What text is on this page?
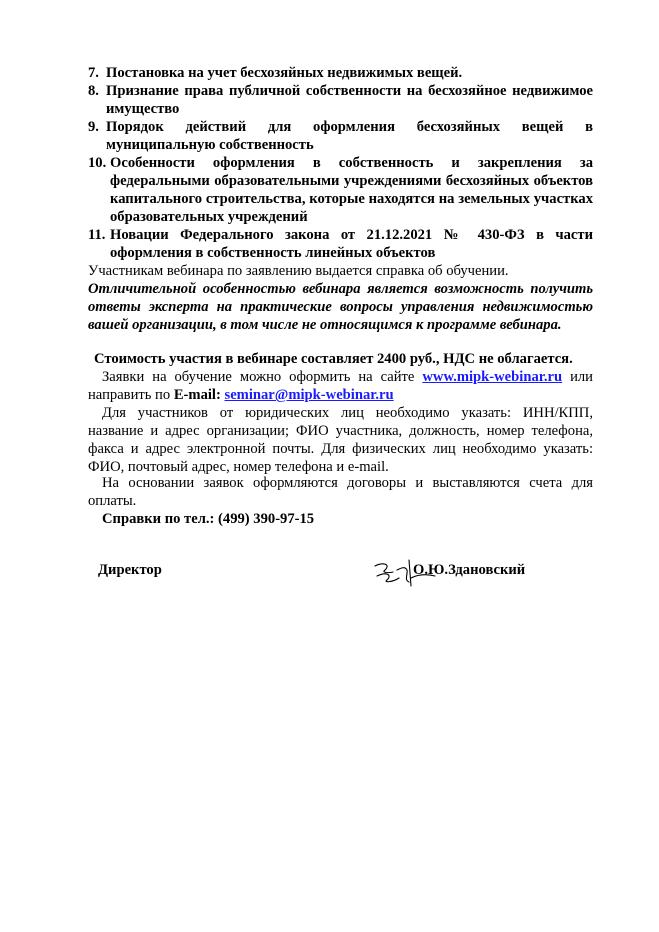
7. Постановка на учет бесхозяйных недвижимых вещей.
8. Признание права публичной собственности на бесхозяйное недвижимое имущество
9. Порядок действий для оформления бесхозяйных вещей в муниципальную собственность
10. Особенности оформления в собственность и закрепления за федеральными образовательными учреждениями бесхозяйных объектов капитального строительства, которые находятся на земельных участках образовательных учреждений
11. Новации Федерального закона от 21.12.2021 № 430-ФЗ в части оформления в собственность линейных объектов

Участникам вебинара по заявлению выдается справка об обучении.

Отличительной особенностью вебинара является возможность получить ответы эксперта на практические вопросы управления недвижимостью вашей организации, в том числе не относящимся к программе вебинара.

Стоимость участия в вебинаре составляет 2400 руб., НДС не облагается.

Заявки на обучение можно оформить на сайте www.mipk-webinar.ru или направить по E-mail: seminar@mipk-webinar.ru

Для участников от юридических лиц необходимо указать: ИНН/КПП, название и адрес организации; ФИО участника, должность, номер телефона, факса и адрес электронной почты. Для физических лиц необходимо указать: ФИО, почтовый адрес, номер телефона и e-mail.

На основании заявок оформляются договоры и выставляются счета для оплаты.

Справки по тел.: (499) 390-97-15

Директор	О.Ю.Здановский
